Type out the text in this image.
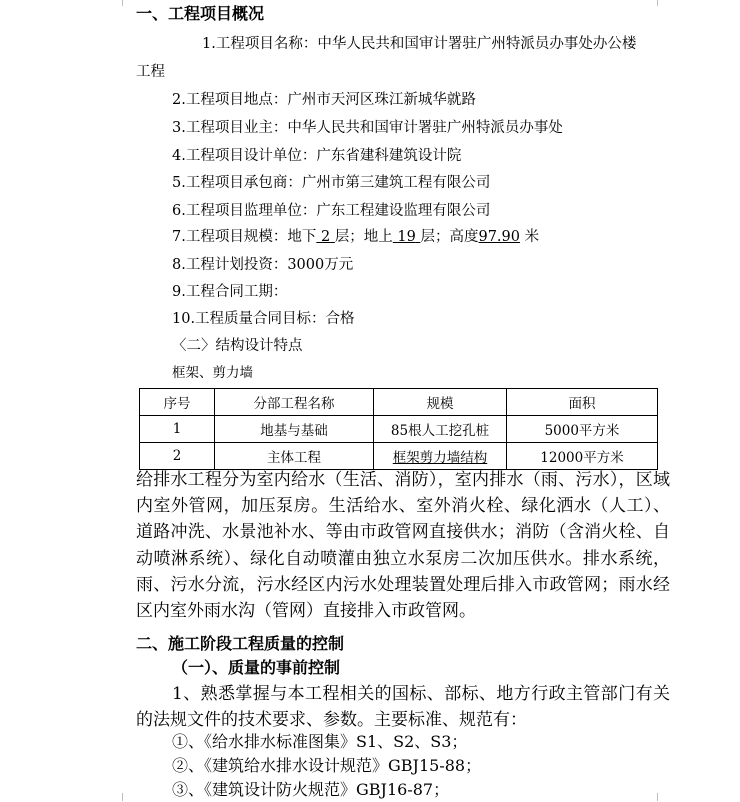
一、工程项目概况
1.工程项目名称：中华人民共和国审计署驻广州特派员办事处办公楼
工程
2.工程项目地点：广州市天河区珠江新城华就路
3.工程项目业主：中华人民共和国审计署驻广州特派员办事处
4.工程项目设计单位：广东省建科建筑设计院
5.工程项目承包商：广州市第三建筑工程有限公司
6.工程项目监理单位：广东工程建设监理有限公司
7.工程项目规模：地下 2 层；地上 19 层；高度97.90 米
8.工程计划投资：3000万元
9.工程合同工期：
10.工程质量合同目标：合格
〈二〉结构设计特点
框架、剪力墙
序号	分部工程名称	规模	面积
1	地基与基础	85根人工挖孔桩	5000平方米
2	主体工程	框架剪力墙结构	12000平方米
给排水工程分为室内给水（生活、消防），室内排水（雨、污水），区域内室外管网，加压泵房。生活给水、室外消火栓、绿化洒水（人工）、道路冲洗、水景池补水、等由市政管网直接供水；消防（含消火栓、自动喷淋系统）、绿化自动喷灌由独立水泵房二次加压供水。排水系统，雨、污水分流，污水经区内污水处理装置处理后排入市政管网；雨水经区内室外雨水沟（管网）直接排入市政管网。
二、施工阶段工程质量的控制
（一）、质量的事前控制
1、熟悉掌握与本工程相关的国标、部标、地方行政主管部门有关的法规文件的技术要求、参数。主要标准、规范有：
①、《给水排水标准图集》S1、S2、S3；
②、《建筑给水排水设计规范》GBJ15-88；
③、《建筑设计防火规范》GBJ16-87；
